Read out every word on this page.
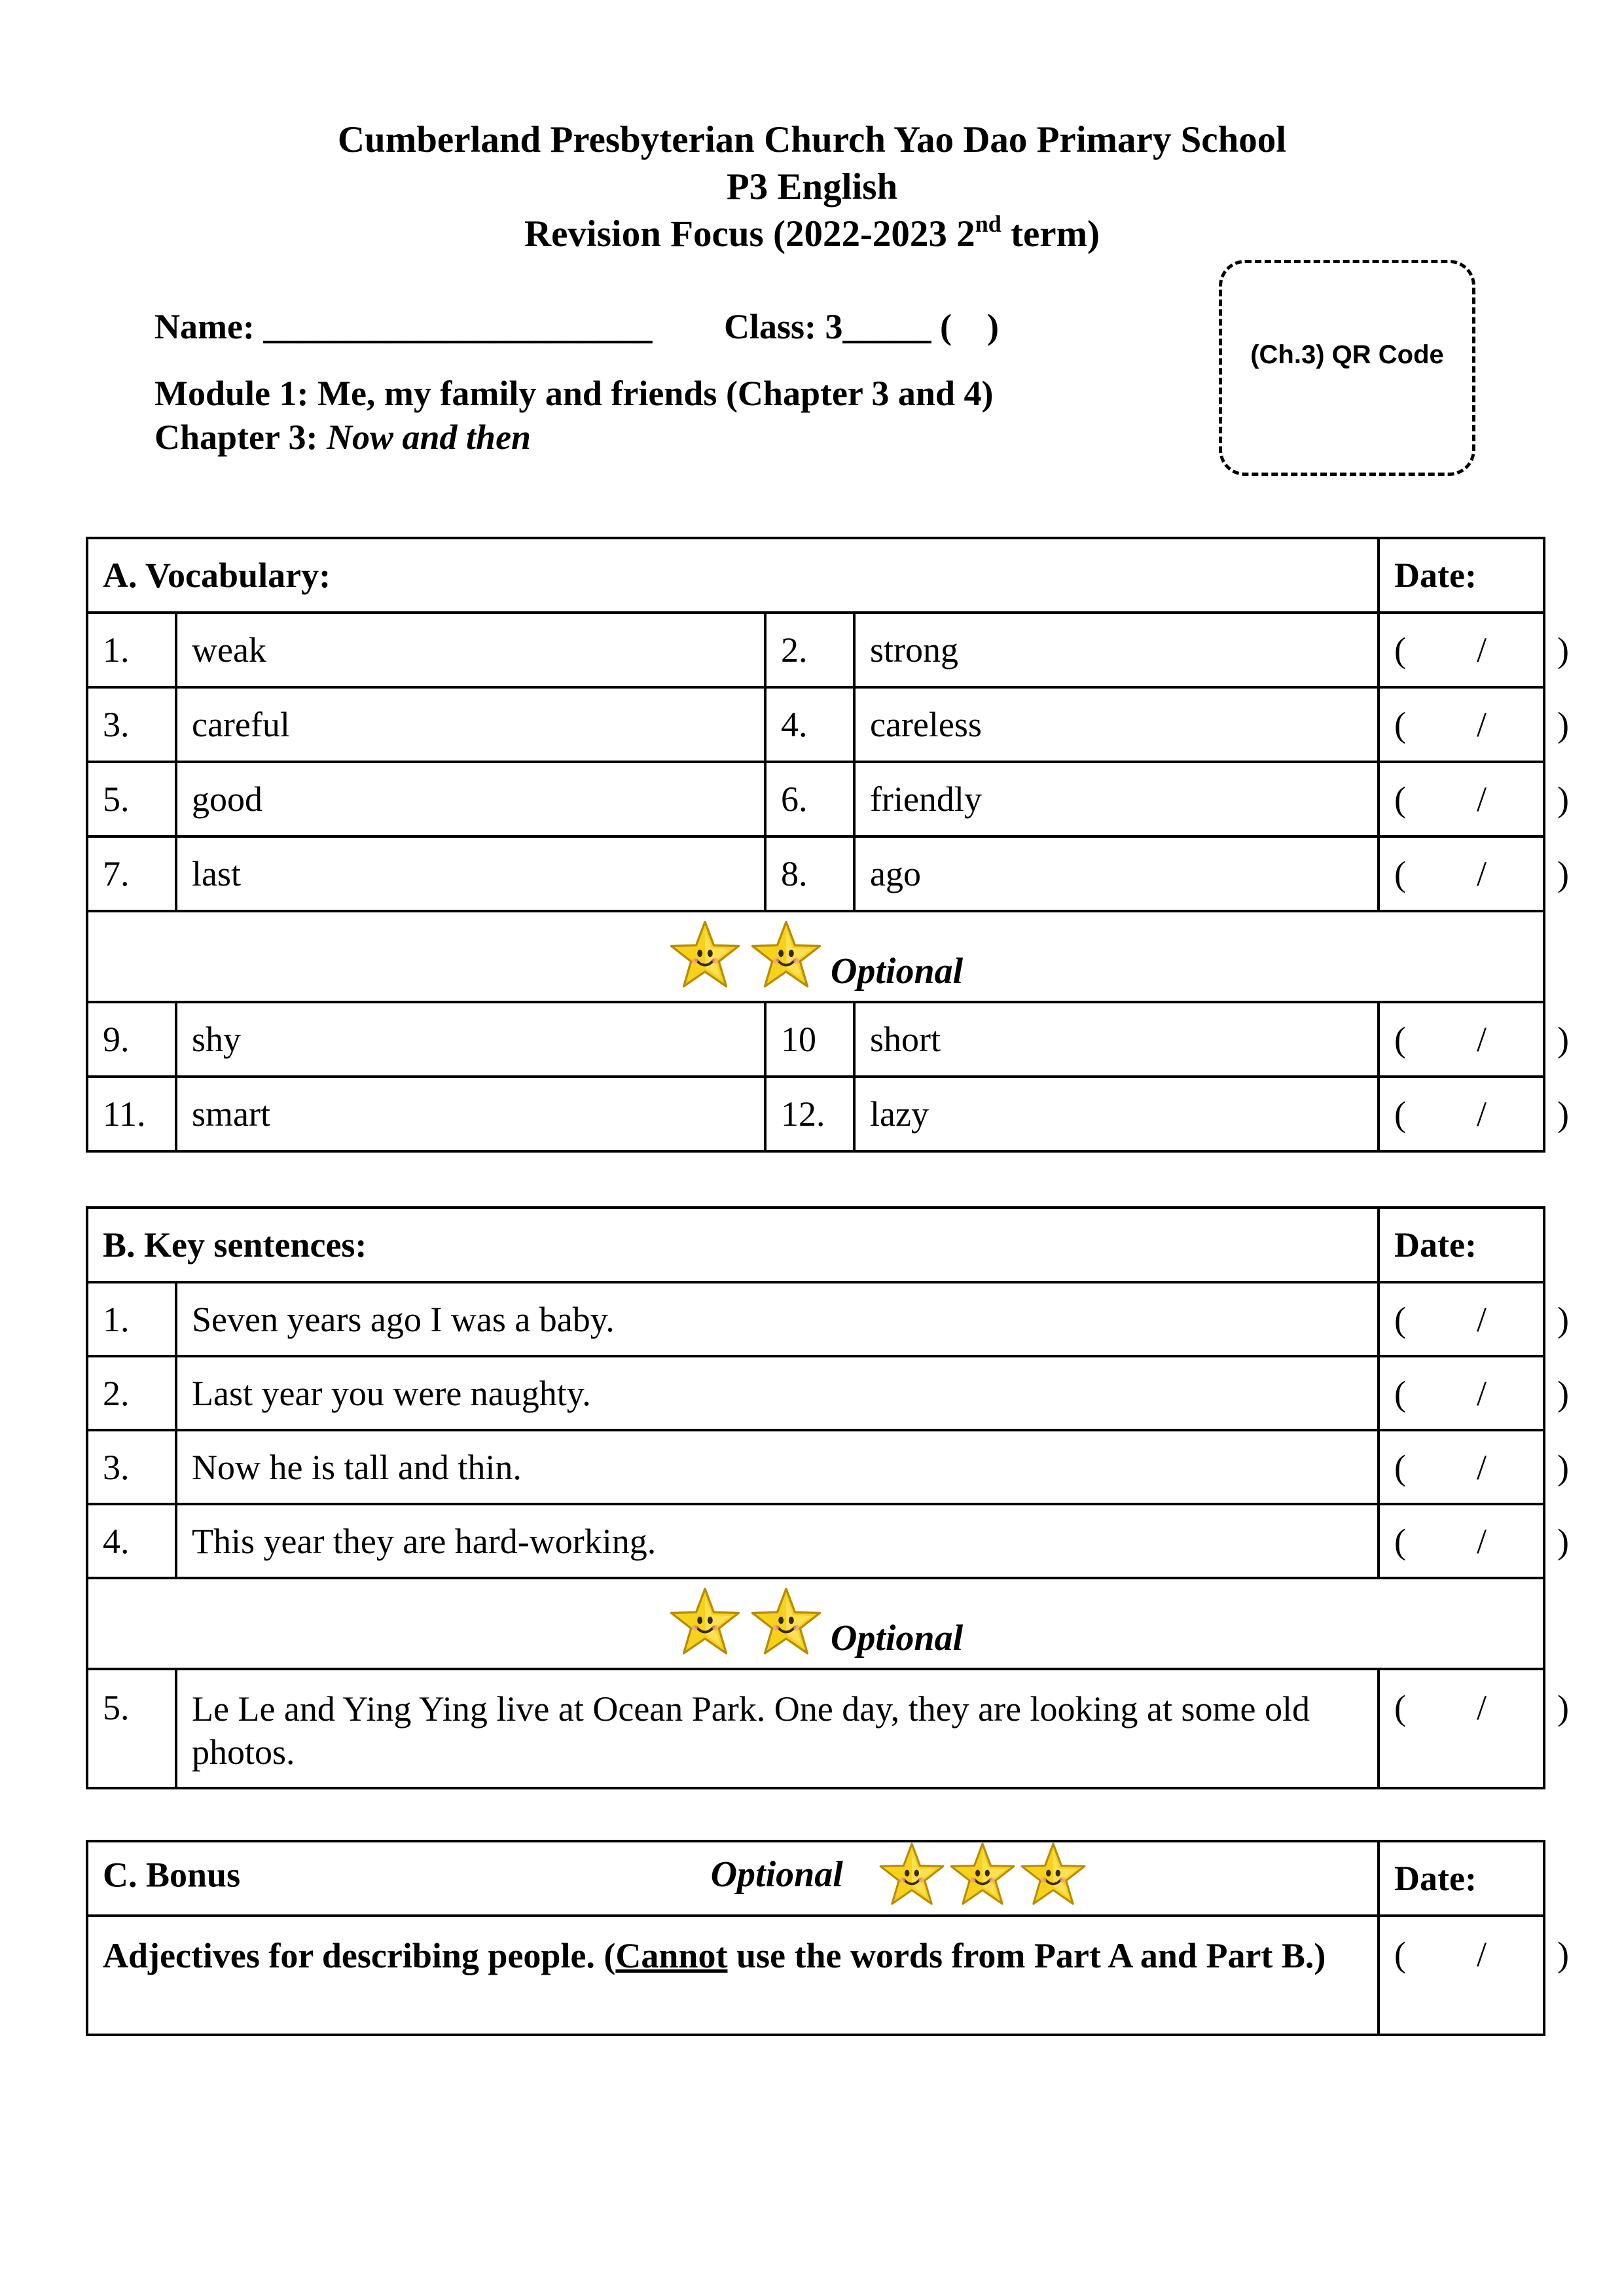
Cumberland Presbyterian Church Yao Dao Primary School
P3 English
Revision Focus (2022-2023 2nd term)
Name: ______________________ Class: 3_____ (    )
Module 1: Me, my family and friends (Chapter 3 and 4)
Chapter 3: Now and then
(Ch.3) QR Code
A. Vocabulary:				Date:
1.	weak	2.	strong	(        /        )
3.	careful	4.	careless	(        /        )
5.	good	6.	friendly	(        /        )
7.	last	8.	ago	(        /        )

Optional				

9.	shy	10	short	(        /        )
11.	smart	12.	lazy	(        /        )
B. Key sentences:		Date:
1.	Seven years ago I was a baby.	(        /        )
2.	Last year you were naughty.	(        /        )
3.	Now he is tall and thin.	(        /        )
4.	This year they are hard-working.	(        /        )

Optional		

5.	Le Le and Ying Ying live at Ocean Park. One day, they are looking at some old photos.	(        /        )
C. Bonus Optional	Date:
Adjectives for describing people. (Cannot use the words from Part A and Part B.)	(        /        )
